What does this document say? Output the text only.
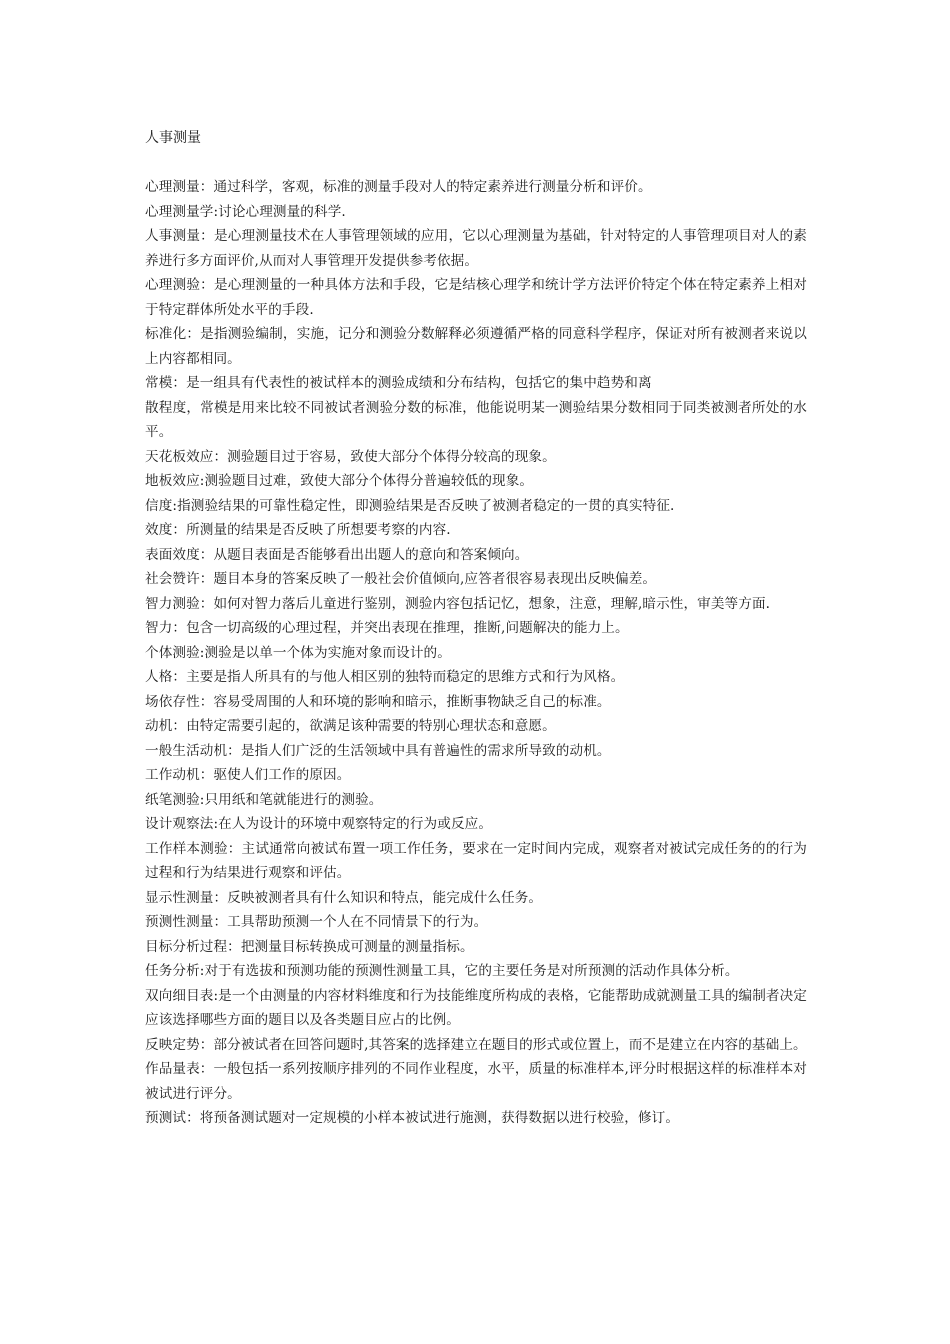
人事测量

心理测量：通过科学，客观，标准的测量手段对人的特定素养进行测量分析和评价。

心理测量学:讨论心理测量的科学.

人事测量：是心理测量技术在人事管理领域的应用，它以心理测量为基础，针对特定的人事管理项目对人的素养进行多方面评价,从而对人事管理开发提供参考依据。

心理测验：是心理测量的一种具体方法和手段，它是结核心理学和统计学方法评价特定个体在特定素养上相对于特定群体所处水平的手段.

标准化：是指测验编制，实施，记分和测验分数解释必须遵循严格的同意科学程序，保证对所有被测者来说以上内容都相同。

常模：是一组具有代表性的被试样本的测验成绩和分布结构，包括它的集中趋势和离

散程度，常模是用来比较不同被试者测验分数的标准，他能说明某一测验结果分数相同于同类被测者所处的水平。

天花板效应：测验题目过于容易，致使大部分个体得分较高的现象。

地板效应:测验题目过难，致使大部分个体得分普遍较低的现象。

信度:指测验结果的可靠性稳定性，即测验结果是否反映了被测者稳定的一贯的真实特征.

效度：所测量的结果是否反映了所想要考察的内容.

表面效度：从题目表面是否能够看出出题人的意向和答案倾向。

社会赞许：题目本身的答案反映了一般社会价值倾向,应答者很容易表现出反映偏差。

智力测验：如何对智力落后儿童进行鉴别，测验内容包括记忆，想象，注意，理解,暗示性，审美等方面.

智力：包含一切高级的心理过程，并突出表现在推理，推断,问题解决的能力上。

个体测验:测验是以单一个体为实施对象而设计的。

人格：主要是指人所具有的与他人相区别的独特而稳定的思维方式和行为风格。

场依存性：容易受周围的人和环境的影响和暗示，推断事物缺乏自己的标准。

动机：由特定需要引起的，欲满足该种需要的特别心理状态和意愿。

一般生活动机：是指人们广泛的生活领域中具有普遍性的需求所导致的动机。

工作动机：驱使人们工作的原因。

纸笔测验:只用纸和笔就能进行的测验。

设计观察法:在人为设计的环境中观察特定的行为或反应。

工作样本测验：主试通常向被试布置一项工作任务，要求在一定时间内完成，观察者对被试完成任务的的行为过程和行为结果进行观察和评估。

显示性测量：反映被测者具有什么知识和特点，能完成什么任务。

预测性测量：工具帮助预测一个人在不同情景下的行为。

目标分析过程：把测量目标转换成可测量的测量指标。

任务分析:对于有选拔和预测功能的预测性测量工具，它的主要任务是对所预测的活动作具体分析。

双向细目表:是一个由测量的内容材料维度和行为技能维度所构成的表格，它能帮助成就测量工具的编制者决定应该选择哪些方面的题目以及各类题目应占的比例。

反映定势：部分被试者在回答问题时,其答案的选择建立在题目的形式或位置上，而不是建立在内容的基础上。

作品量表：一般包括一系列按顺序排列的不同作业程度，水平，质量的标准样本,评分时根据这样的标准样本对被试进行评分。

预测试：将预备测试题对一定规模的小样本被试进行施测，获得数据以进行校验，修订。
